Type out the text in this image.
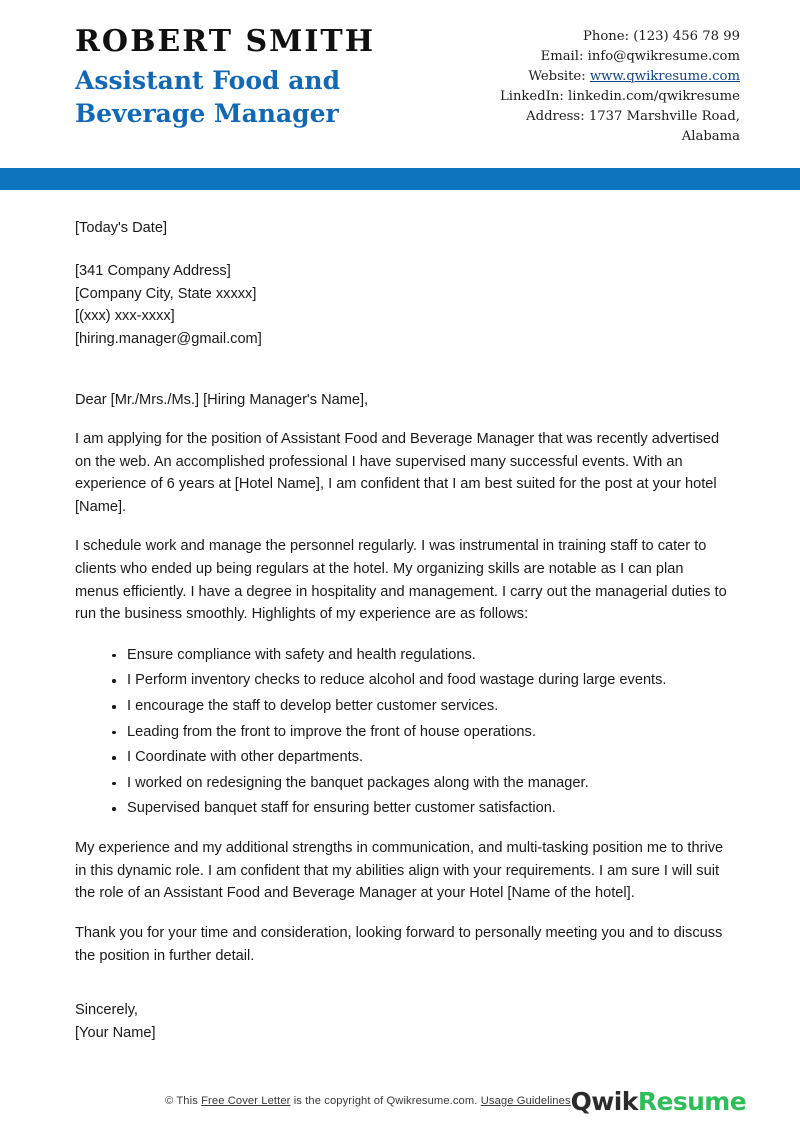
ROBERT SMITH
Assistant Food and Beverage Manager
Phone: (123) 456 78 99
Email: info@qwikresume.com
Website: www.qwikresume.com
LinkedIn: linkedin.com/qwikresume
Address: 1737 Marshville Road,
Alabama
[Today's Date]
[341 Company Address]
[Company City, State xxxxx]
[(xxx) xxx-xxxx]
[hiring.manager@gmail.com]
Dear [Mr./Mrs./Ms.] [Hiring Manager's Name],

I am applying for the position of Assistant Food and Beverage Manager that was recently advertised on the web. An accomplished professional I have supervised many successful events. With an experience of 6 years at [Hotel Name], I am confident that I am best suited for the post at your hotel [Name].

I schedule work and manage the personnel regularly. I was instrumental in training staff to cater to clients who ended up being regulars at the hotel. My organizing skills are notable as I can plan menus efficiently. I have a degree in hospitality and management. I carry out the managerial duties to run the business smoothly. Highlights of my experience are as follows:

Ensure compliance with safety and health regulations.
I Perform inventory checks to reduce alcohol and food wastage during large events.
I encourage the staff to develop better customer services.
Leading from the front to improve the front of house operations.
I Coordinate with other departments.
I worked on redesigning the banquet packages along with the manager.
Supervised banquet staff for ensuring better customer satisfaction.

My experience and my additional strengths in communication, and multi-tasking position me to thrive in this dynamic role. I am confident that my abilities align with your requirements. I am sure I will suit the role of an Assistant Food and Beverage Manager at your Hotel [Name of the hotel].

Thank you for your time and consideration, looking forward to personally meeting you and to discuss the position in further detail.

Sincerely,
[Your Name]
© This Free Cover Letter is the copyright of Qwikresume.com. Usage Guidelines QwikResume
